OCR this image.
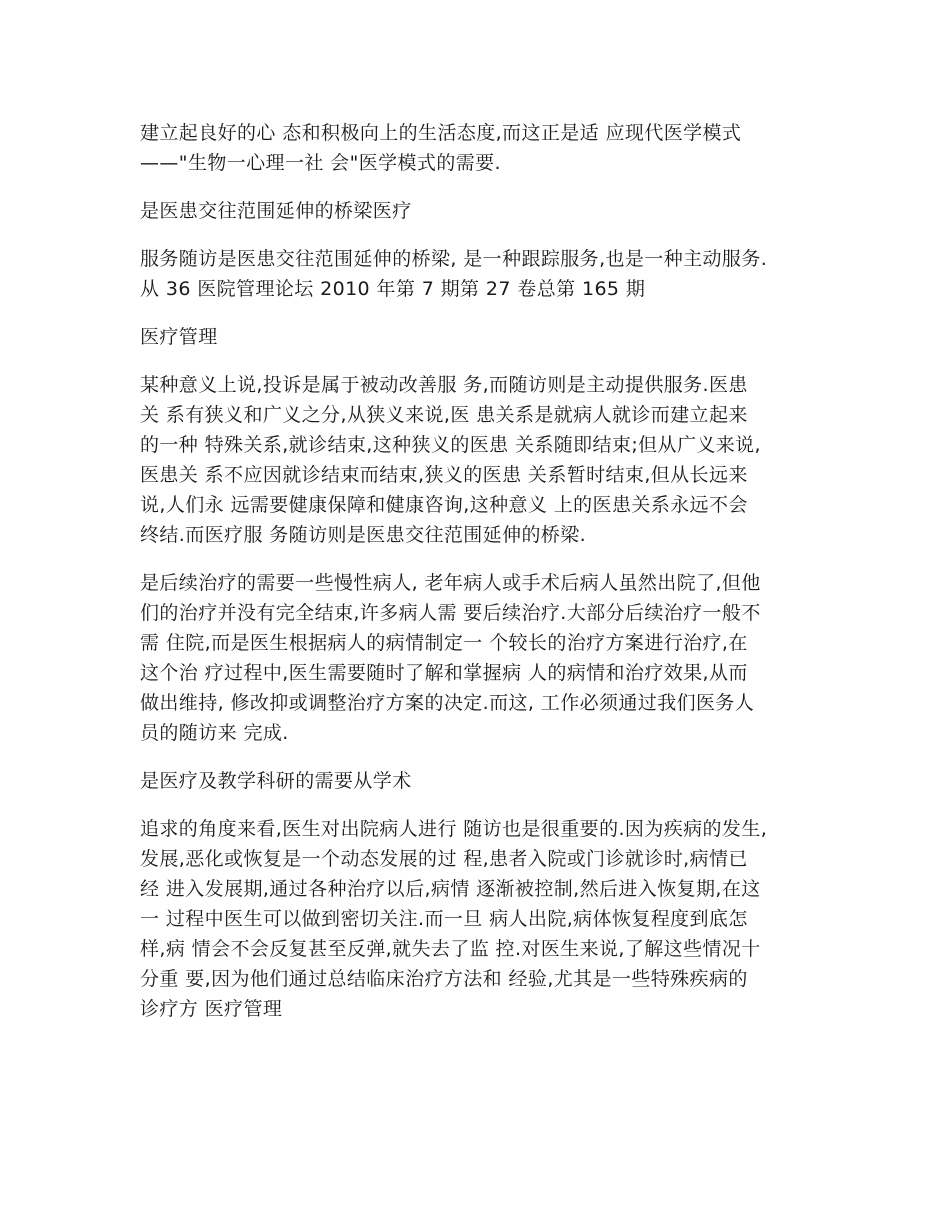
建立起良好的心 态和积极向上的生活态度,而这正是适 应现代医学模式
——"生物一心理一社 会"医学模式的需要.

是医患交往范围延伸的桥梁医疗

服务随访是医患交往范围延伸的桥梁, 是一种跟踪服务,也是一种主动服务.
从 36 医院管理论坛 2010 年第 7 期第 27 卷总第 165 期

医疗管理

某种意义上说,投诉是属于被动改善服 务,而随访则是主动提供服务.医患
关 系有狭义和广义之分,从狭义来说,医 患关系是就病人就诊而建立起来
的一种 特殊关系,就诊结束,这种狭义的医患 关系随即结束;但从广义来说,
医患关 系不应因就诊结束而结束,狭义的医患 关系暂时结束,但从长远来
说,人们永 远需要健康保障和健康咨询,这种意义 上的医患关系永远不会
终结.而医疗服 务随访则是医患交往范围延伸的桥梁.

是后续治疗的需要一些慢性病人, 老年病人或手术后病人虽然出院了,但他
们的治疗并没有完全结束,许多病人需 要后续治疗.大部分后续治疗一般不
需 住院,而是医生根据病人的病情制定一 个较长的治疗方案进行治疗,在
这个治 疗过程中,医生需要随时了解和掌握病 人的病情和治疗效果,从而
做出维持, 修改抑或调整治疗方案的决定.而这, 工作必须通过我们医务人
员的随访来 完成.

是医疗及教学科研的需要从学术

追求的角度来看,医生对出院病人进行 随访也是很重要的.因为疾病的发生,
发展,恶化或恢复是一个动态发展的过 程,患者入院或门诊就诊时,病情已
经 进入发展期,通过各种治疗以后,病情 逐渐被控制,然后进入恢复期,在这
一 过程中医生可以做到密切关注.而一旦 病人出院,病体恢复程度到底怎
样,病 情会不会反复甚至反弹,就失去了监 控.对医生来说,了解这些情况十
分重 要,因为他们通过总结临床治疗方法和 经验,尤其是一些特殊疾病的
诊疗方 医疗管理
